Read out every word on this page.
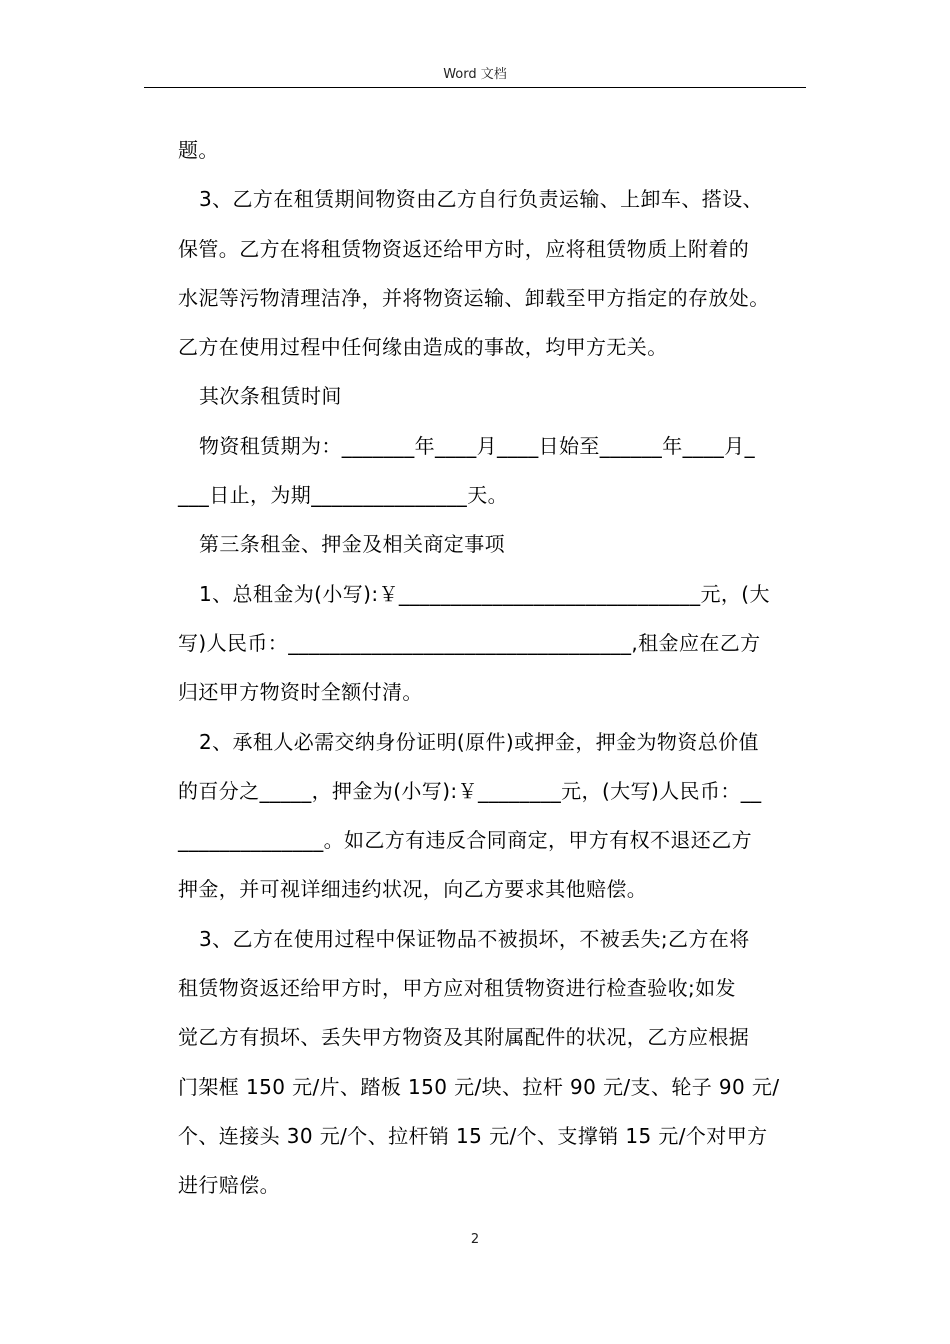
Word 文档

题。

3、乙方在租赁期间物资由乙方自行负责运输、上卸车、搭设、

保管。乙方在将租赁物资返还给甲方时，应将租赁物质上附着的

水泥等污物清理洁净，并将物资运输、卸载至甲方指定的存放处。

乙方在使用过程中任何缘由造成的事故，均甲方无关。

其次条租赁时间

物资租赁期为：_______年____月____日始至______年____月_

___日止，为期_______________天。

第三条租金、押金及相关商定事项

1、总租金为(小写):￥_____________________________元，(大

写)人民币：_________________________________,租金应在乙方

归还甲方物资时全额付清。

2、承租人必需交纳身份证明(原件)或押金，押金为物资总价值

的百分之_____，押金为(小写):￥________元，(大写)人民币：__

______________。如乙方有违反合同商定，甲方有权不退还乙方

押金，并可视详细违约状况，向乙方要求其他赔偿。

3、乙方在使用过程中保证物品不被损坏，不被丢失;乙方在将

租赁物资返还给甲方时，甲方应对租赁物资进行检查验收;如发

觉乙方有损坏、丢失甲方物资及其附属配件的状况，乙方应根据

门架框 150 元/片、踏板 150 元/块、拉杆 90 元/支、轮子 90 元/

个、连接头 30 元/个、拉杆销 15 元/个、支撑销 15 元/个对甲方

进行赔偿。

2
